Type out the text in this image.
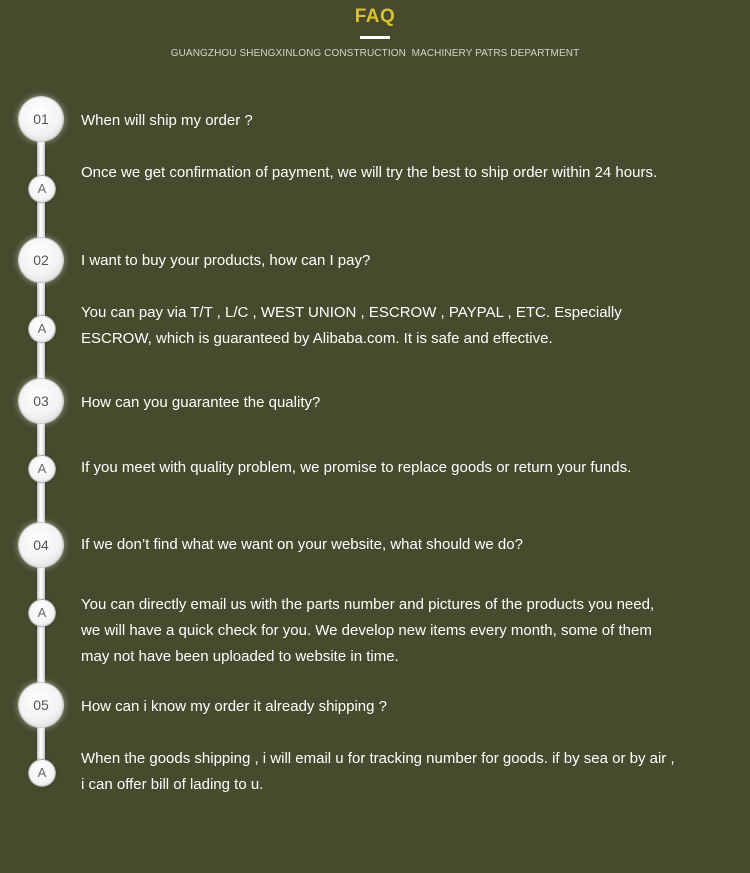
FAQ
GUANGZHOU SHENGXINLONG CONSTRUCTION  MACHINERY PATRS DEPARTMENT
01	When will ship my order ?
A
Once we get confirmation of payment, we will try the best to ship order within 24 hours.
02	I want to buy your products, how can I pay?
A
You can pay via T/T , L/C , WEST UNION , ESCROW , PAYPAL , ETC. Especially
ESCROW, which is guaranteed by Alibaba.com. It is safe and effective.
03	How can you guarantee the quality?
A	If you meet with quality problem, we promise to replace goods or return your funds.
04	If we don’t find what we want on your website, what should we do?
A	You can directly email us with the parts number and pictures of the products you need,
we will have a quick check for you. We develop new items every month, some of them
may not have been uploaded to website in time.
05	How can i know my order it already shipping ?
A
When the goods shipping , i will email u for tracking number for goods. if by sea or by air ,
i can offer bill of lading to u.
